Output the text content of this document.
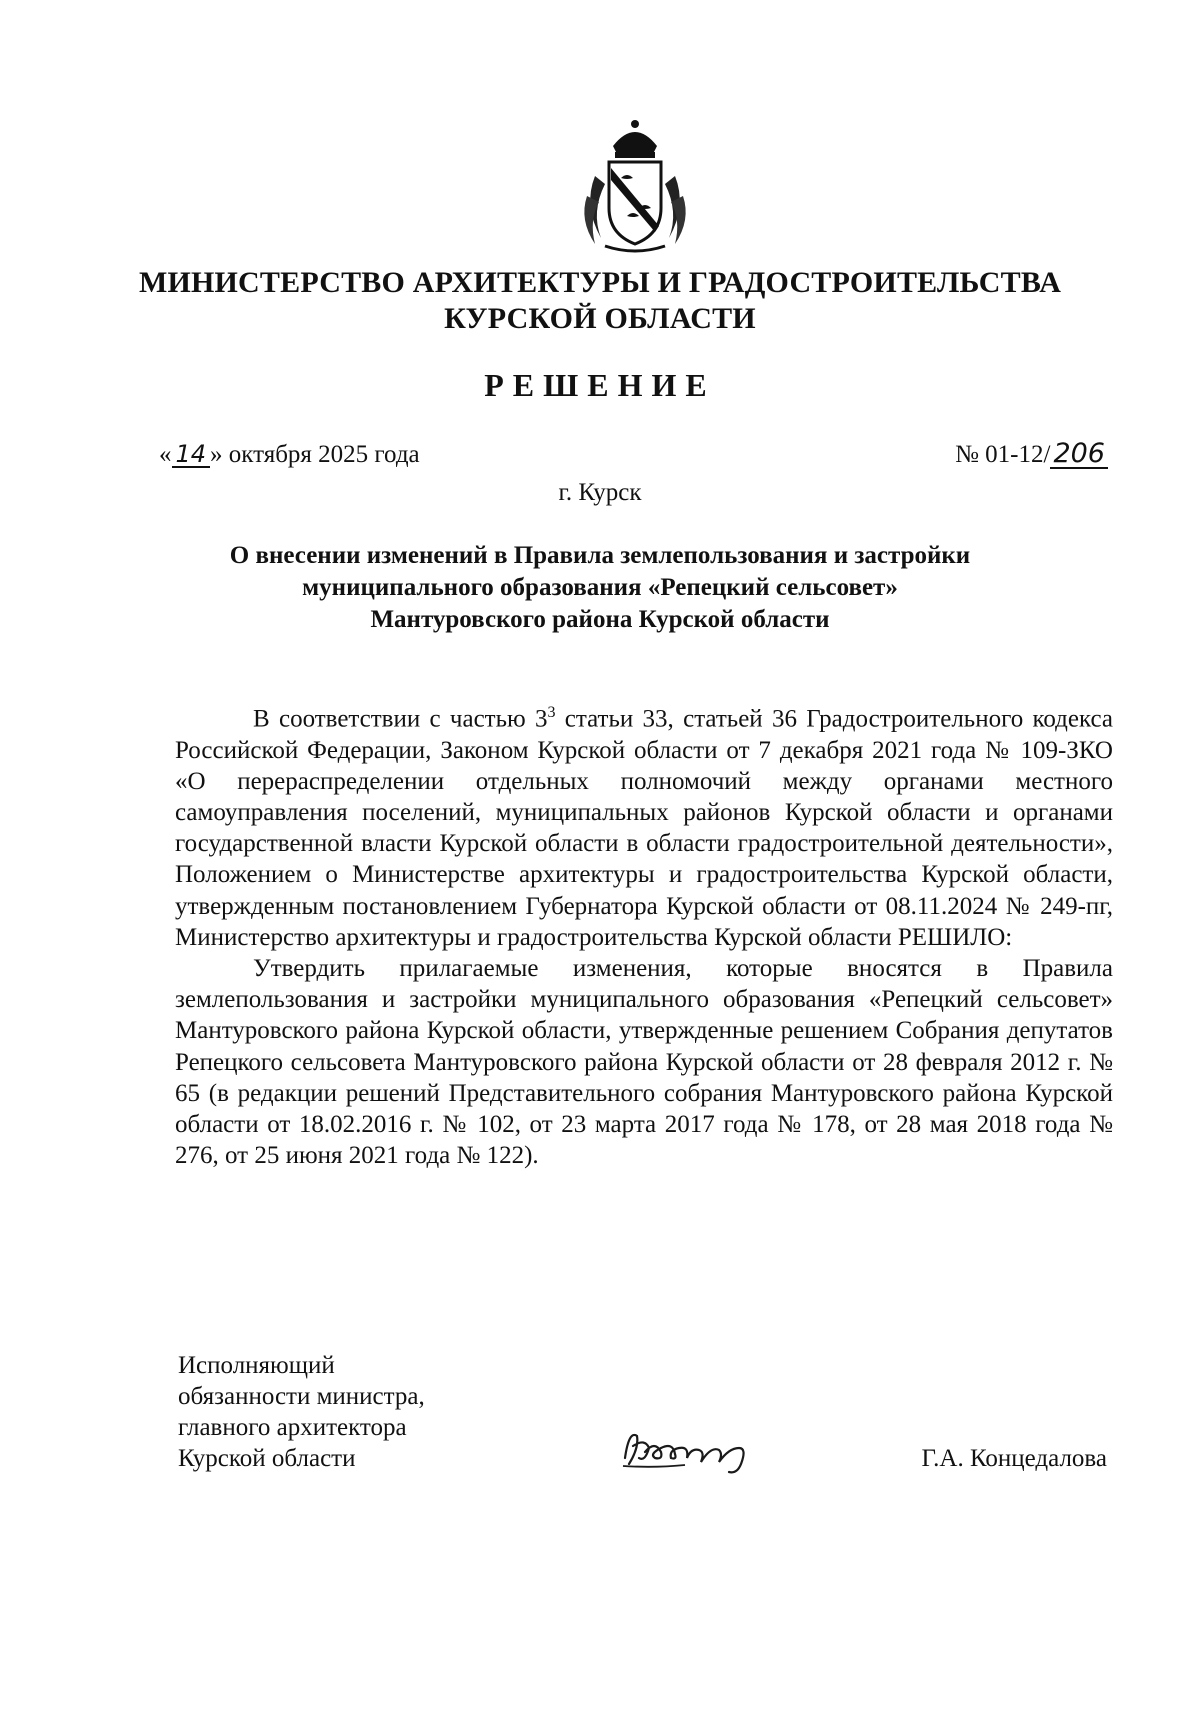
МИНИСТЕРСТВО АРХИТЕКТУРЫ И ГРАДОСТРОИТЕЛЬСТВА
КУРСКОЙ ОБЛАСТИ
РЕШЕНИЕ
« 14 » октября 2025 года	№ 01-12/ 206
г. Курск
О внесении изменений в Правила землепользования и застройки
муниципального образования «Репецкий сельсовет»
Мантуровского района Курской области

В соответствии с частью $3^3$ статьи 33, статьей 36 Градостроительного кодекса Российской Федерации, Законом Курской области от 7 декабря 2021 года № 109-ЗКО «О перераспределении отдельных полномочий между органами местного самоуправления поселений, муниципальных районов Курской области и органами государственной власти Курской области в области градостроительной деятельности», Положением о Министерстве архитектуры и градостроительства Курской области, утвержденным постановлением Губернатора Курской области от 08.11.2024 № 249-пг, Министерство архитектуры и градостроительства Курской области РЕШИЛО:

Утвердить прилагаемые изменения, которые вносятся в Правила землепользования и застройки муниципального образования «Репецкий сельсовет» Мантуровского района Курской области, утвержденные решением Собрания депутатов Репецкого сельсовета Мантуровского района Курской области от 28 февраля 2012 г. № 65 (в редакции решений Представительного собрания Мантуровского района Курской области от 18.02.2016 г. № 102, от 23 марта 2017 года № 178, от 28 мая 2018 года № 276, от 25 июня 2021 года № 122).

Исполняющий
обязанности министра,
главного архитектора
Курской области	Г.А. Концедалова
